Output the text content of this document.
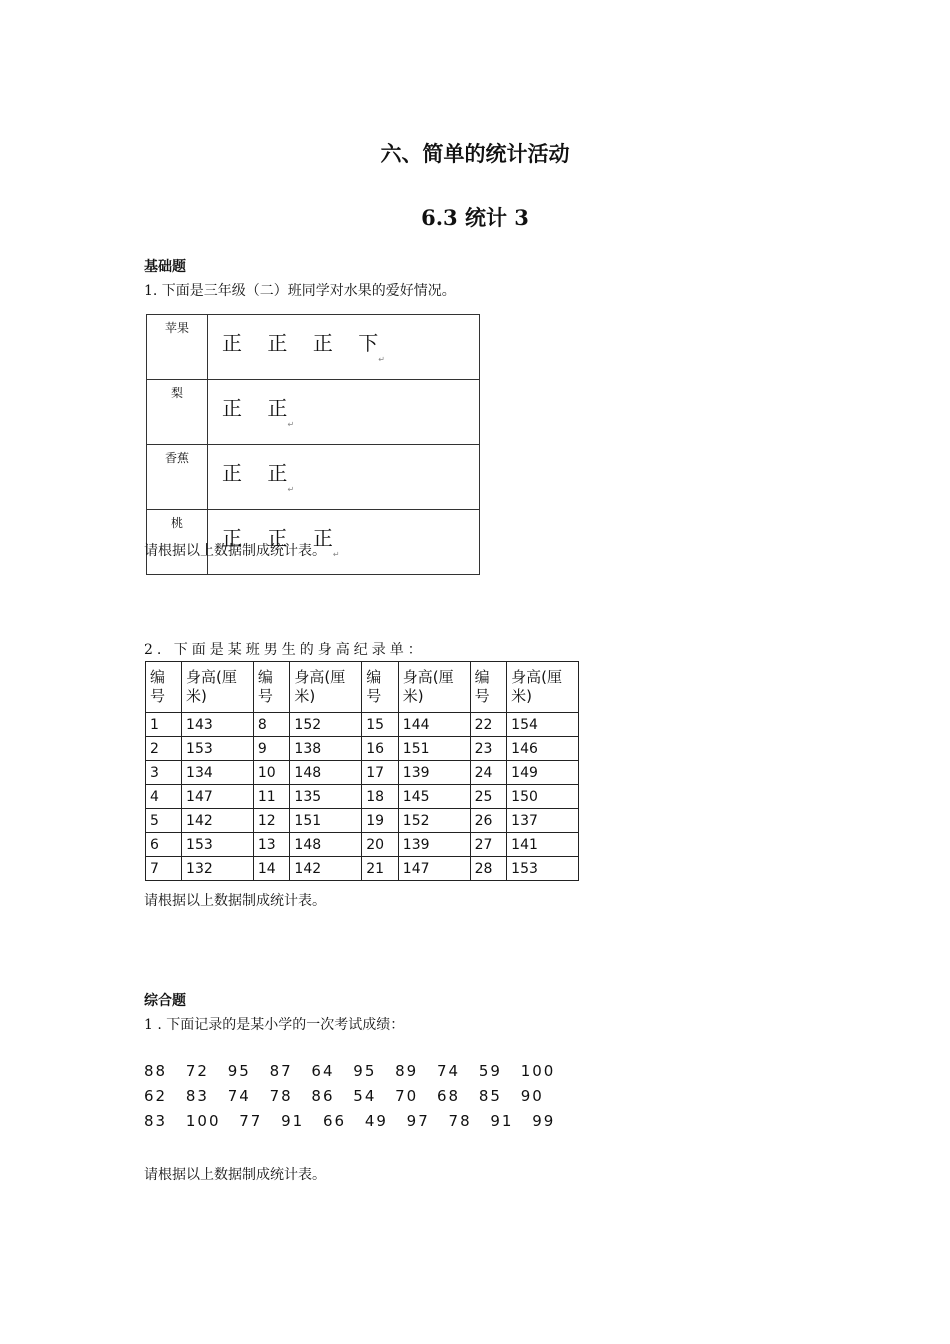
六、简单的统计活动
6.3 统计 3
基础题
1. 下面是三年级（二）班同学对水果的爱好情况。
苹果	正    正    正    下$_↵$
梨	正    正$_↵$
香蕉	正    正$_↵$
桃	正    正    正$_↵$
请根据以上数据制成统计表。
2. 下面是某班男生的身高纪录单：
编号	身高(厘米)	编号	身高(厘米)	编号	身高(厘米)	编号	身高(厘米)
1	143	8	152	15	144	22	154
2	153	9	138	16	151	23	146
3	134	10	148	17	139	24	149
4	147	11	135	18	145	25	150
5	142	12	151	19	152	26	137
6	153	13	148	20	139	27	141
7	132	14	142	21	147	28	153
请根据以上数据制成统计表。
综合题
1 . 下面记录的是某小学的一次考试成绩：
88 72 95 87 64 95 89 74 59 100
62 83 74 78 86 54 70 68 85 90
83 100 77 91 66 49 97 78 91 99
请根据以上数据制成统计表。
